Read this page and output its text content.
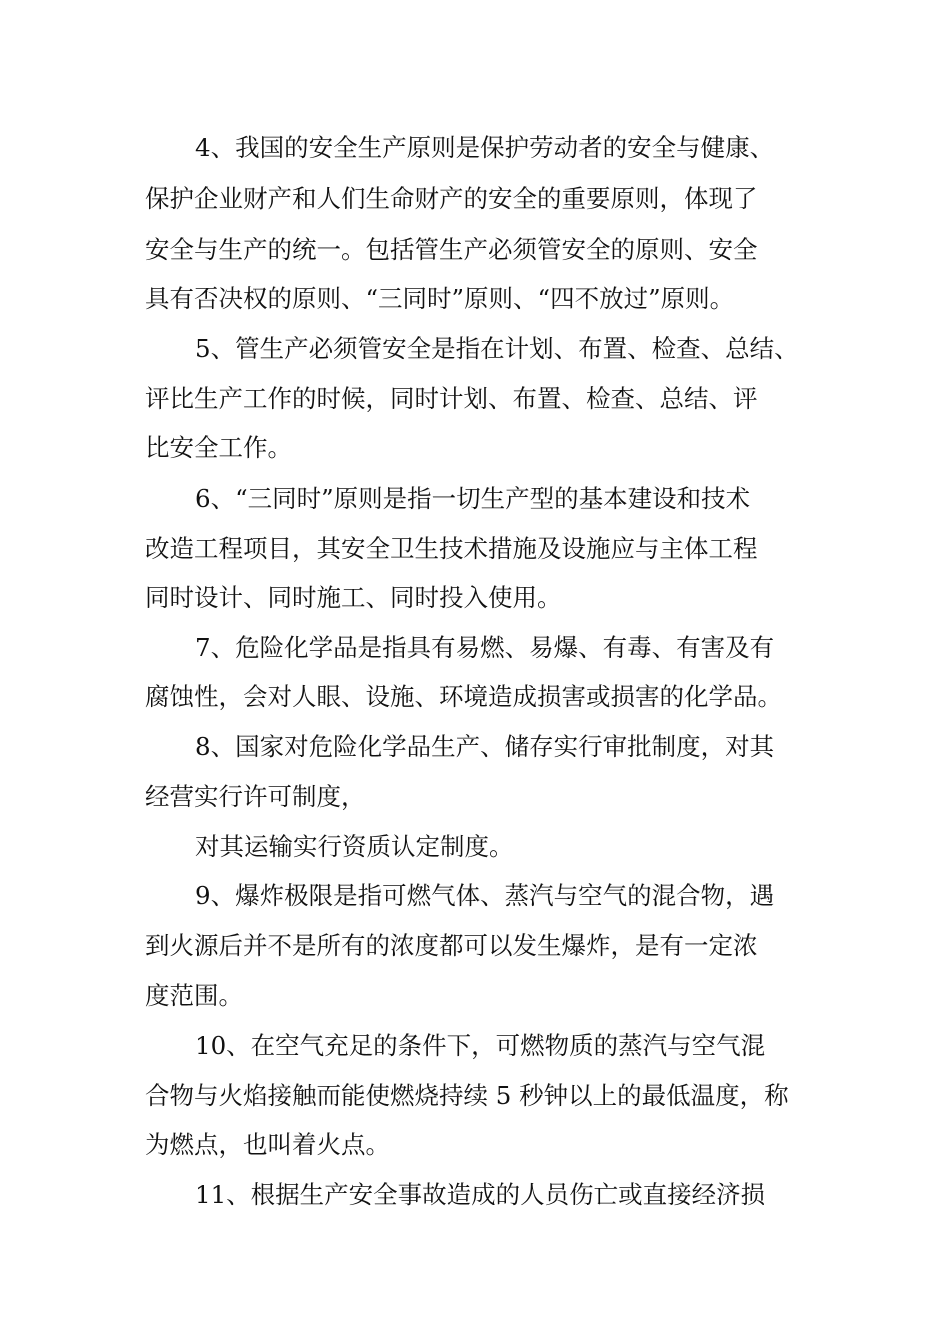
4、我国的安全生产原则是保护劳动者的安全与健康、
保护企业财产和人们生命财产的安全的重要原则，体现了
安全与生产的统一。包括管生产必须管安全的原则、安全
具有否决权的原则、“三同时”原则、“四不放过”原则。
5、管生产必须管安全是指在计划、布置、检查、总结、
评比生产工作的时候，同时计划、布置、检查、总结、评
比安全工作。
6、“三同时”原则是指一切生产型的基本建设和技术
改造工程项目，其安全卫生技术措施及设施应与主体工程
同时设计、同时施工、同时投入使用。
7、危险化学品是指具有易燃、易爆、有毒、有害及有
腐蚀性，会对人眼、设施、环境造成损害或损害的化学品。
8、国家对危险化学品生产、储存实行审批制度，对其
经营实行许可制度，
对其运输实行资质认定制度。
9、爆炸极限是指可燃气体、蒸汽与空气的混合物，遇
到火源后并不是所有的浓度都可以发生爆炸，是有一定浓
度范围。
10、在空气充足的条件下，可燃物质的蒸汽与空气混
合物与火焰接触而能使燃烧持续 5 秒钟以上的最低温度，称
为燃点，也叫着火点。
11、根据生产安全事故造成的人员伤亡或直接经济损
